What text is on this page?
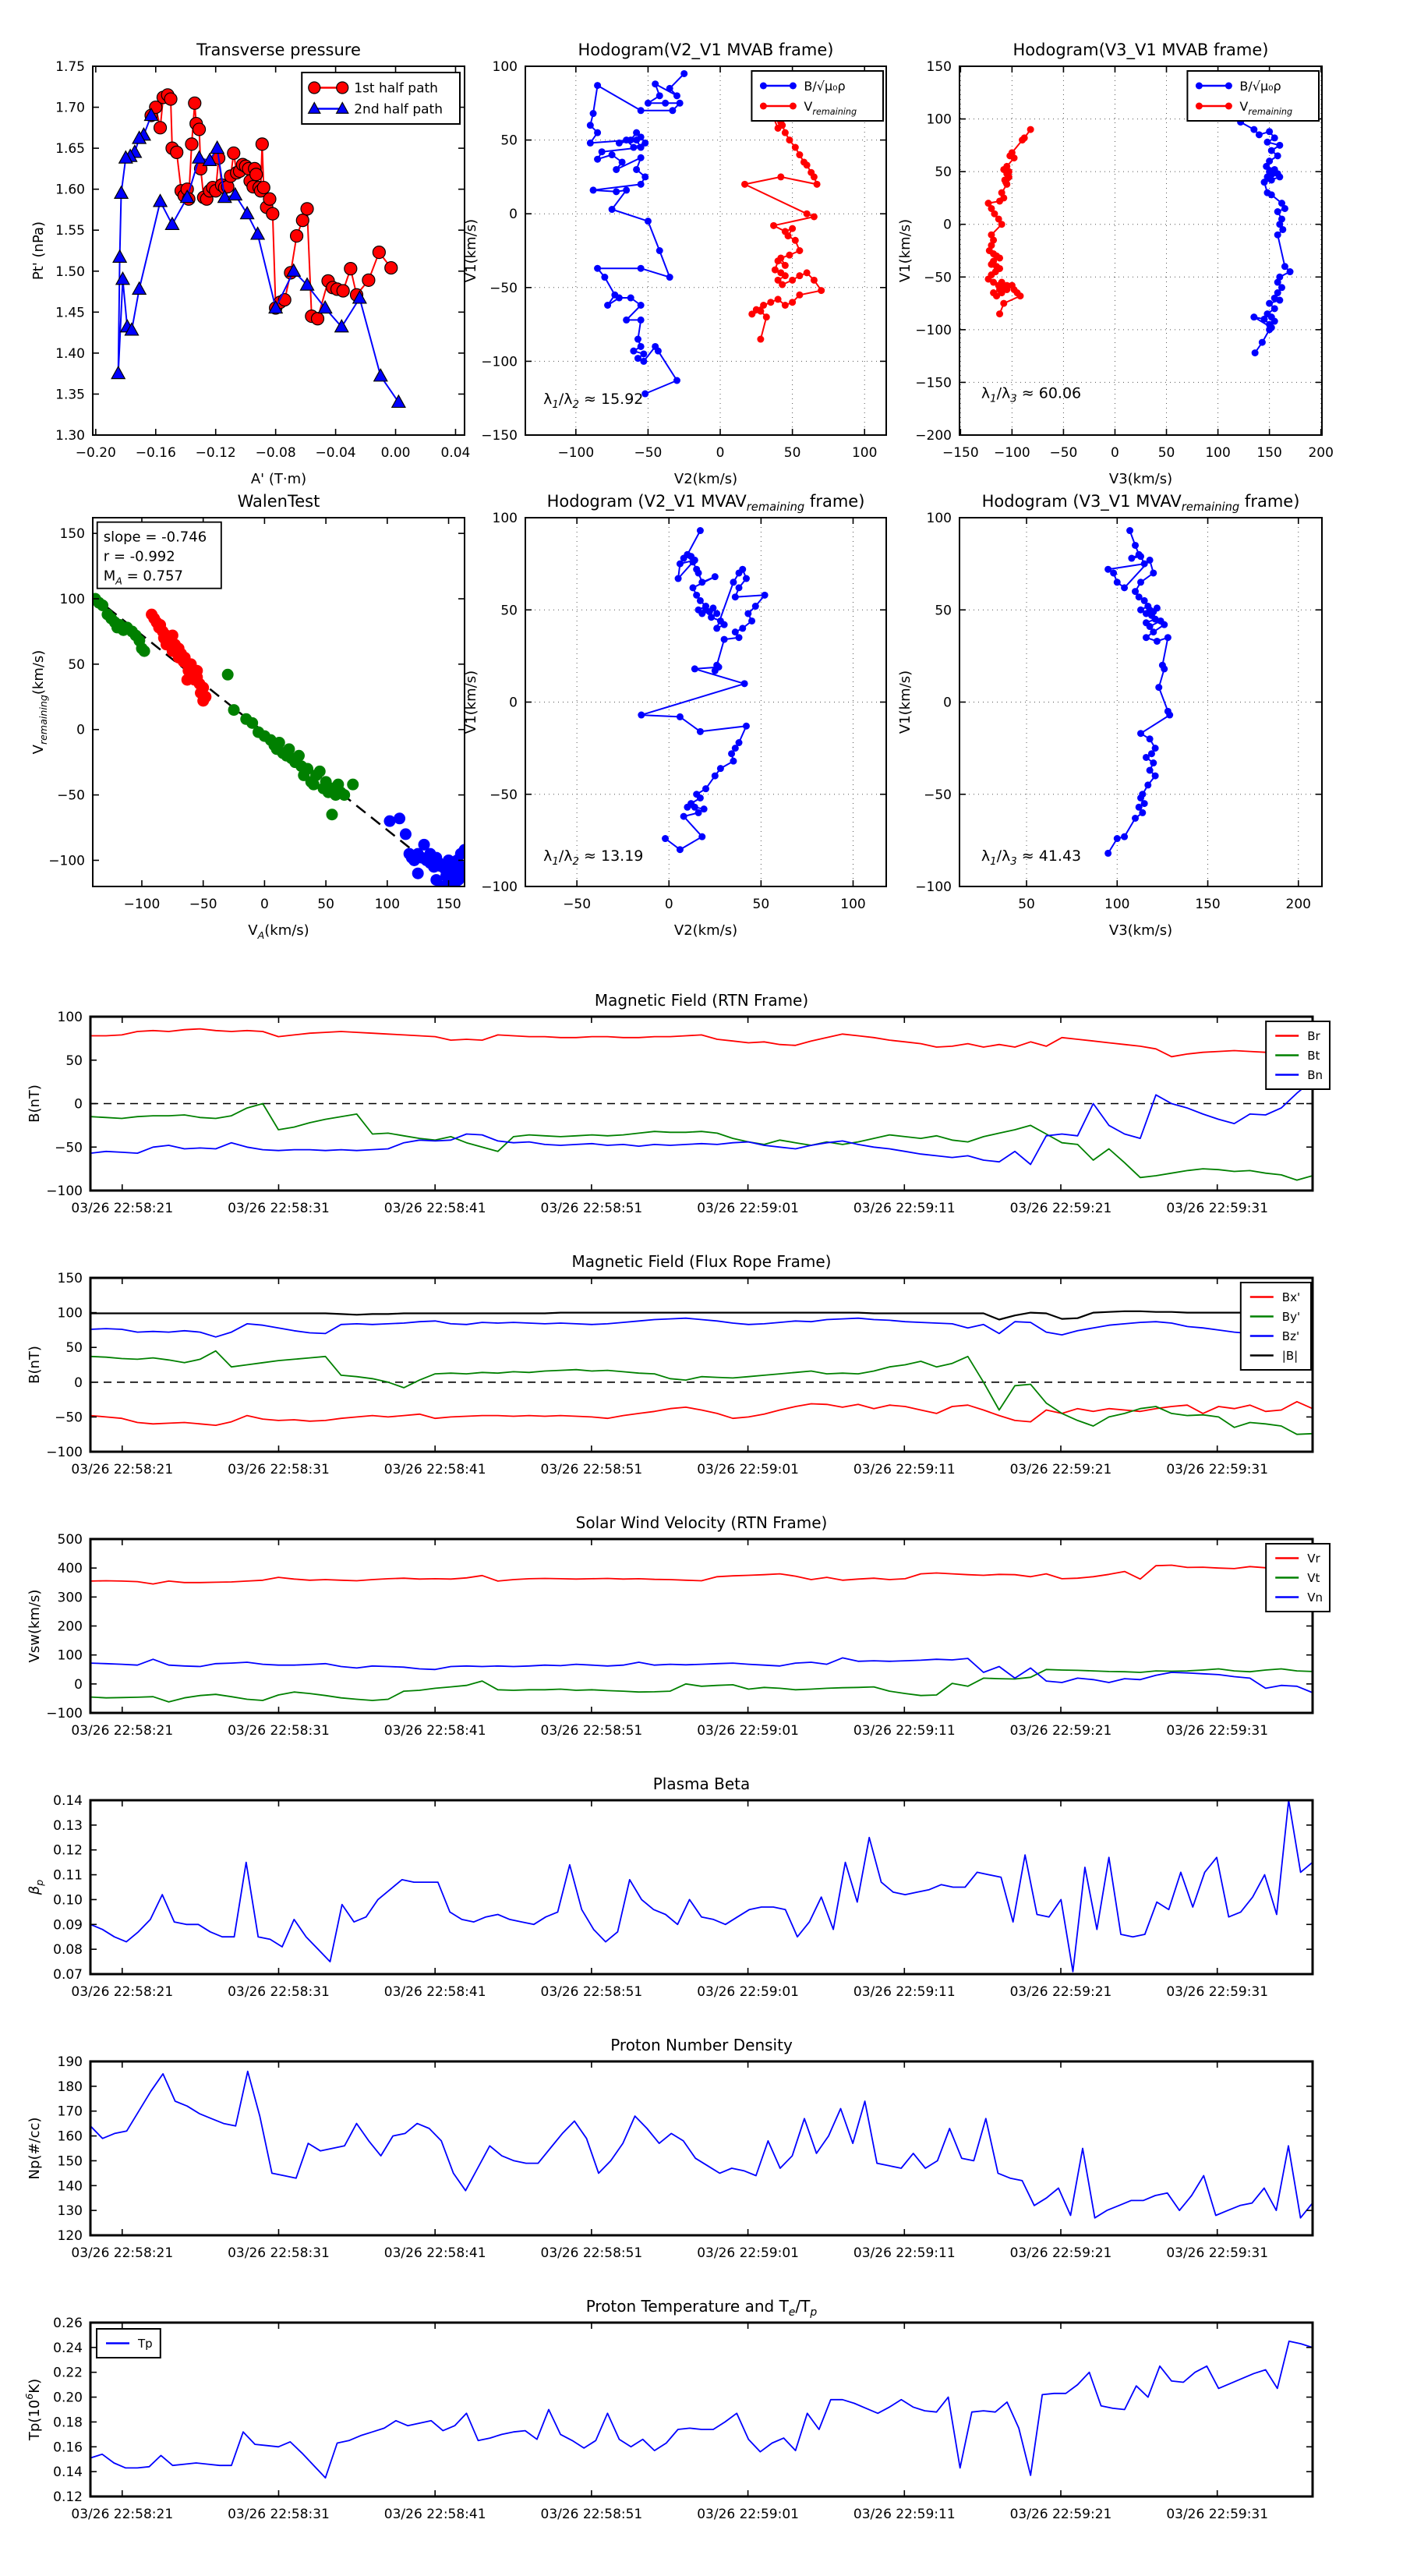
−0.20 −0.16 −0.12 −0.08 −0.04 0.00 0.04
1.30
1.35
1.40
1.45
1.50
1.55
1.60
1.65
1.70
1.75
Transverse pressure
A' (T·m)
Pt' (nPa)
1st half path
2nd half path
−100	−50	0	50	100
−150
−100
−50
0
50
100
Hodogram(V2_V1 MVAB frame)
V2(km/s)
V1(km/s)
B/√μ₀ρ
$V_{remaining}$
$\lambda_1/\lambda_2 \approx 15.92$
−150 −100 −50	0	50 100 150 200
−200
−150
−100
−50
0
50
100
150
Hodogram(V3_V1 MVAB frame)
V3(km/s)
V1(km/s)
B/√μ₀ρ
$V_{remaining}$
$\lambda_1/\lambda_3 \approx 60.06$
−100 −50	0	50	100	150
−100
−50
0
50
100
150
WalenTest
$V_A(km/s)$
$V_{remaining}(km/s)$
slope = -0.746
r = -0.992
$M_A = 0.757$
−50	0	50	100
−100
−50
0
50
100
Hodogram (V2_V1 $MVAV_{remaining}$ frame)
V2(km/s)
V1(km/s)
$\lambda_1/\lambda_2 \approx 13.19$
50	100	150	200
−100
−50
0
50
100
Hodogram (V3_V1 $MVAV_{remaining}$ frame)
V3(km/s)
V1(km/s)
$\lambda_1/\lambda_3 \approx 41.43$
03/26 22:58:21	03/26 22:58:31	03/26 22:58:41	03/26 22:58:51	03/26 22:59:01	03/26 22:59:11	03/26 22:59:21	03/26 22:59:31
−100
−50
0
50
100
Magnetic Field (RTN Frame)
B(nT)
Br
Bt
Bn
03/26 22:58:21	03/26 22:58:31	03/26 22:58:41	03/26 22:58:51	03/26 22:59:01	03/26 22:59:11	03/26 22:59:21	03/26 22:59:31
−100
−50
0
50
100
150
Magnetic Field (Flux Rope Frame)
B(nT)
Bx'
By'
Bz'
|B|
03/26 22:58:21	03/26 22:58:31	03/26 22:58:41	03/26 22:58:51	03/26 22:59:01	03/26 22:59:11	03/26 22:59:21	03/26 22:59:31
−100
0
100
200
300
400
500
Solar Wind Velocity (RTN Frame)
Vsw(km/s)
Vr
Vt
Vn
03/26 22:58:21	03/26 22:58:31	03/26 22:58:41	03/26 22:58:51	03/26 22:59:01	03/26 22:59:11	03/26 22:59:21	03/26 22:59:31
0.07
0.08
0.09
0.10
0.11
0.12
0.13
0.14
Plasma Beta
$\beta_p$
03/26 22:58:21	03/26 22:58:31	03/26 22:58:41	03/26 22:58:51	03/26 22:59:01	03/26 22:59:11	03/26 22:59:21	03/26 22:59:31
120
130
140
150
160
170
180
190
Proton Number Density
Np(#/cc)
03/26 22:58:21	03/26 22:58:31	03/26 22:58:41	03/26 22:58:51	03/26 22:59:01	03/26 22:59:11	03/26 22:59:21	03/26 22:59:31
0.12
0.14
0.16
0.18
0.20
0.22
0.24
0.26
Proton Temperature and $T_e/T_p$
$Tp(10^6K)$
Tp
